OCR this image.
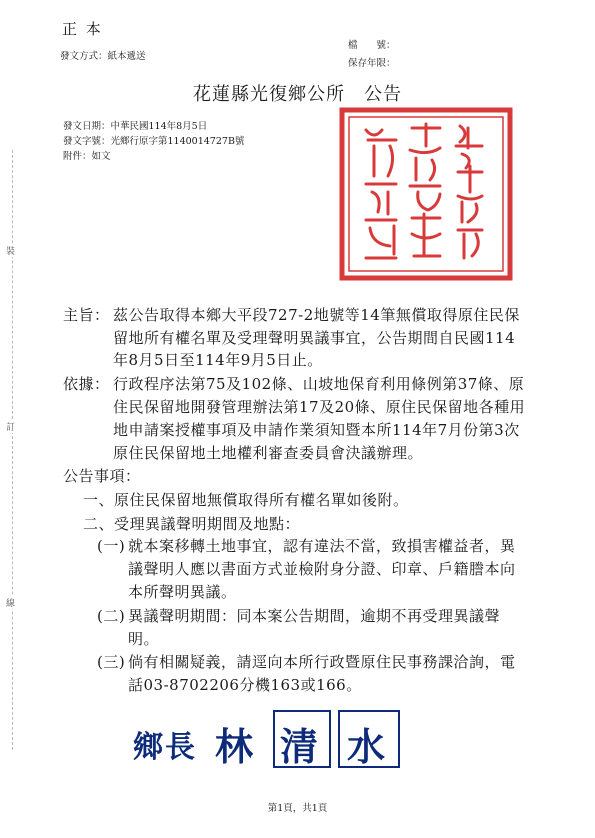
正 本
發文方式：紙本遞送
檔　　號：
保存年限：
花蓮縣光復鄉公所　公告
發文日期：中華民國114年8月5日
發文字號：光鄉行原字第1140014727B號
附件：如文
裝
訂
線
主旨： 茲公告取得本鄉大平段727-2地號等14筆無償取得原住民保
留地所有權名單及受理聲明異議事宜，公告期間自民國114
年8月5日至114年9月5日止。
依據： 行政程序法第75及102條、山坡地保育利用條例第37條、原
住民保留地開發管理辦法第17及20條、原住民保留地各種用
地申請案授權事項及申請作業須知暨本所114年7月份第3次
原住民保留地土地權利審查委員會決議辦理。
公告事項：
一、原住民保留地無償取得所有權名單如後附。
二、受理異議聲明期間及地點：
(一) 就本案移轉土地事宜，認有違法不當，致損害權益者，異
議聲明人應以書面方式並檢附身分證、印章、戶籍謄本向
本所聲明異議。
(二) 異議聲明期間：同本案公告期間，逾期不再受理異議聲
明。
(三) 倘有相關疑義，請逕向本所行政暨原住民事務課洽詢，電
話03-8702206分機163或166。
鄉長 林 清 水
第1頁，共1頁
